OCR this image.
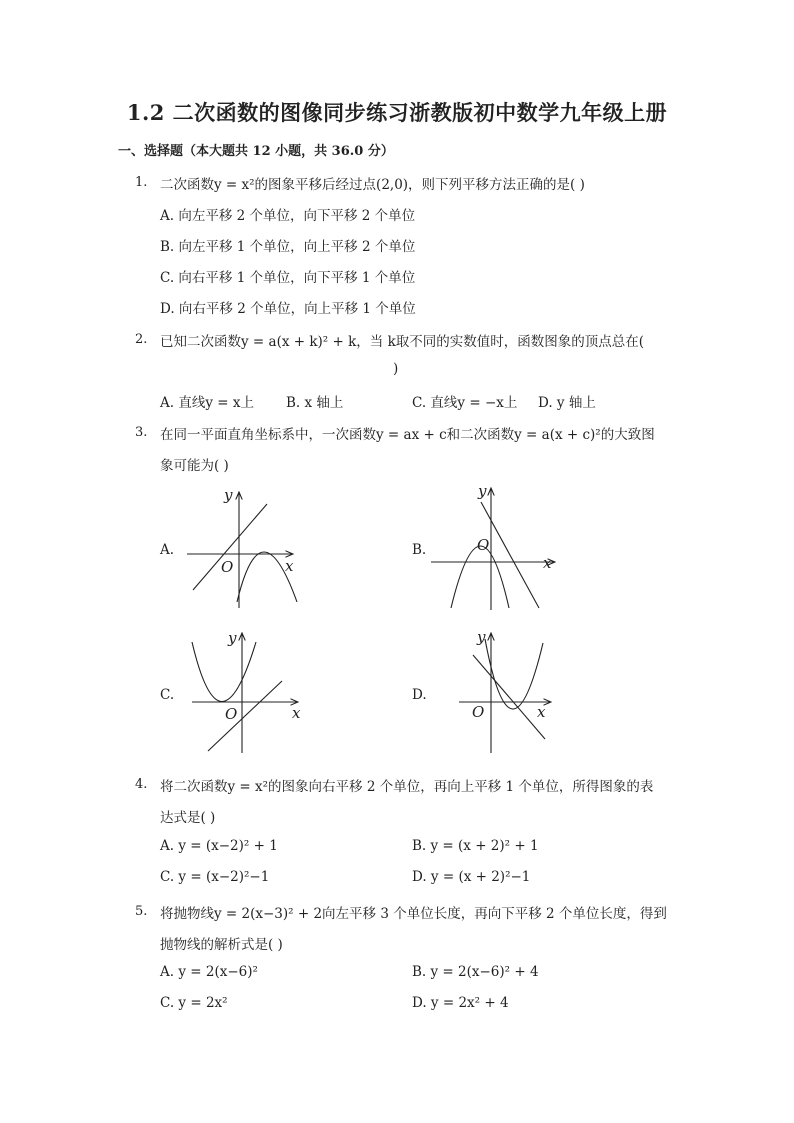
1.2 二次函数的图像同步练习浙教版初中数学九年级上册
一、选择题（本大题共 12 小题，共 36.0 分）
1. 二次函数y = x²的图象平移后经过点(2,0)，则下列平移方法正确的是( )
A. 向左平移 2 个单位，向下平移 2 个单位
B. 向左平移 1 个单位，向上平移 2 个单位
C. 向右平移 1 个单位，向下平移 1 个单位
D. 向右平移 2 个单位，向上平移 1 个单位
2. 已知二次函数y = a(x + k)² + k，当 k取不同的实数值时，函数图象的顶点总在(
)
A. 直线y = x上 B. x 轴上	C. 直线y = −x上 D. y 轴上
3. 在同一平面直角坐标系中，一次函数y = ax + c和二次函数y = a(x + c)²的大致图
象可能为( )
A.	B.
C.	D.
y
x
O
y
x
O
y
x
O
y
x
O
4. 将二次函数y = x²的图象向右平移 2 个单位，再向上平移 1 个单位，所得图象的表
达式是( )
A. y = (x−2)² + 1	B. y = (x + 2)² + 1
C. y = (x−2)²−1	D. y = (x + 2)²−1
5. 将抛物线y = 2(x−3)² + 2向左平移 3 个单位长度，再向下平移 2 个单位长度，得到
抛物线的解析式是( )
A. y = 2(x−6)²	B. y = 2(x−6)² + 4
C. y = 2x²	D. y = 2x² + 4
